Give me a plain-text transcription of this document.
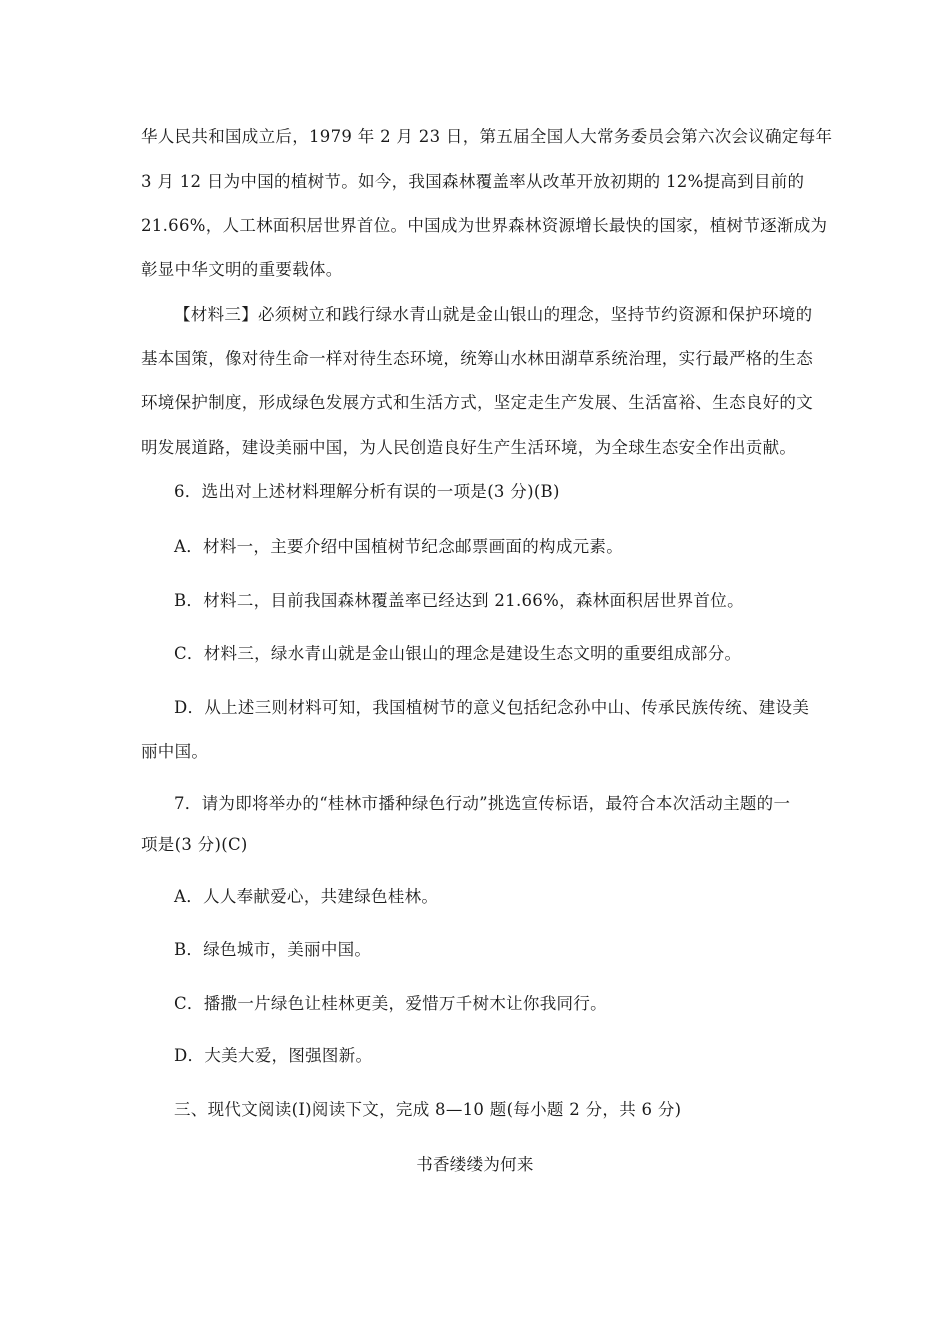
华人民共和国成立后，1979 年 2 月 23 日，第五届全国人大常务委员会第六次会议确定每年
3 月 12 日为中国的植树节。如今，我国森林覆盖率从改革开放初期的 12%提高到目前的
21.66%，人工林面积居世界首位。中国成为世界森林资源增长最快的国家，植树节逐渐成为
彰显中华文明的重要载体。
【材料三】必须树立和践行绿水青山就是金山银山的理念，坚持节约资源和保护环境的
基本国策，像对待生命一样对待生态环境，统筹山水林田湖草系统治理，实行最严格的生态
环境保护制度，形成绿色发展方式和生活方式，坚定走生产发展、生活富裕、生态良好的文
明发展道路，建设美丽中国，为人民创造良好生产生活环境，为全球生态安全作出贡献。
6．选出对上述材料理解分析有误的一项是(3 分)(B)
A．材料一，主要介绍中国植树节纪念邮票画面的构成元素。
B．材料二，目前我国森林覆盖率已经达到 21.66%，森林面积居世界首位。
C．材料三，绿水青山就是金山银山的理念是建设生态文明的重要组成部分。
D．从上述三则材料可知，我国植树节的意义包括纪念孙中山、传承民族传统、建设美
丽中国。
7．请为即将举办的“桂林市播种绿色行动”挑选宣传标语，最符合本次活动主题的一
项是(3 分)(C)
A．人人奉献爱心，共建绿色桂林。
B．绿色城市，美丽中国。
C．播撒一片绿色让桂林更美，爱惜万千树木让你我同行。
D．大美大爱，图强图新。
三、现代文阅读(Ⅰ)阅读下文，完成 8—10 题(每小题 2 分，共 6 分)
书香缕缕为何来
